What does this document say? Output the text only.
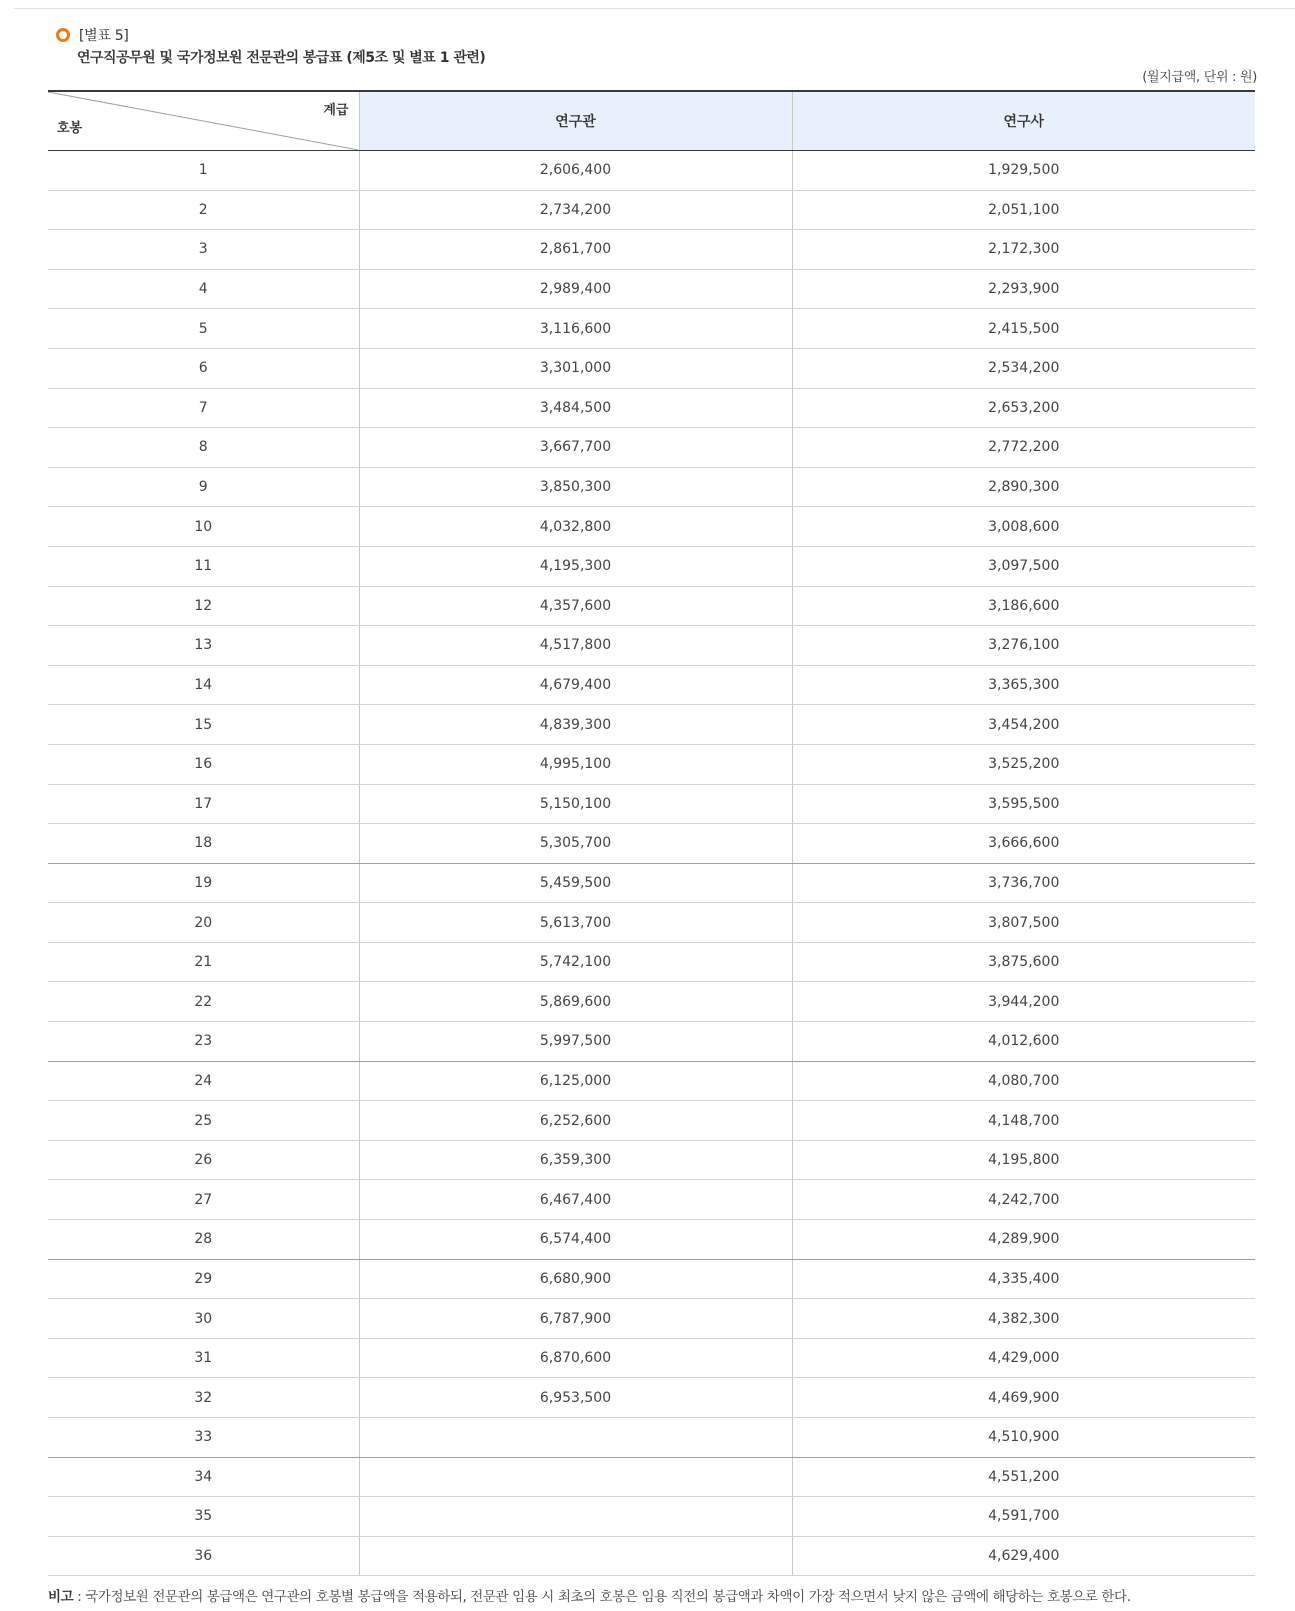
[별표 5]
연구직공무원 및 국가정보원 전문관의 봉급표 (제5조 및 별표 1 관련)
(월지급액, 단위 : 원)
계급
호봉	연구관	연구사
1	2,606,400	1,929,500
2	2,734,200	2,051,100
3	2,861,700	2,172,300
4	2,989,400	2,293,900
5	3,116,600	2,415,500
6	3,301,000	2,534,200
7	3,484,500	2,653,200
8	3,667,700	2,772,200
9	3,850,300	2,890,300
10	4,032,800	3,008,600
11	4,195,300	3,097,500
12	4,357,600	3,186,600
13	4,517,800	3,276,100
14	4,679,400	3,365,300
15	4,839,300	3,454,200
16	4,995,100	3,525,200
17	5,150,100	3,595,500
18	5,305,700	3,666,600
19	5,459,500	3,736,700
20	5,613,700	3,807,500
21	5,742,100	3,875,600
22	5,869,600	3,944,200
23	5,997,500	4,012,600
24	6,125,000	4,080,700
25	6,252,600	4,148,700
26	6,359,300	4,195,800
27	6,467,400	4,242,700
28	6,574,400	4,289,900
29	6,680,900	4,335,400
30	6,787,900	4,382,300
31	6,870,600	4,429,000
32	6,953,500	4,469,900
33		4,510,900
34		4,551,200
35		4,591,700
36		4,629,400
비고 : 국가정보원 전문관의 봉급액은 연구관의 호봉별 봉급액을 적용하되, 전문관 임용 시 최초의 호봉은 임용 직전의 봉급액과 차액이 가장 적으면서 낮지 않은 금액에 해당하는 호봉으로 한다.
